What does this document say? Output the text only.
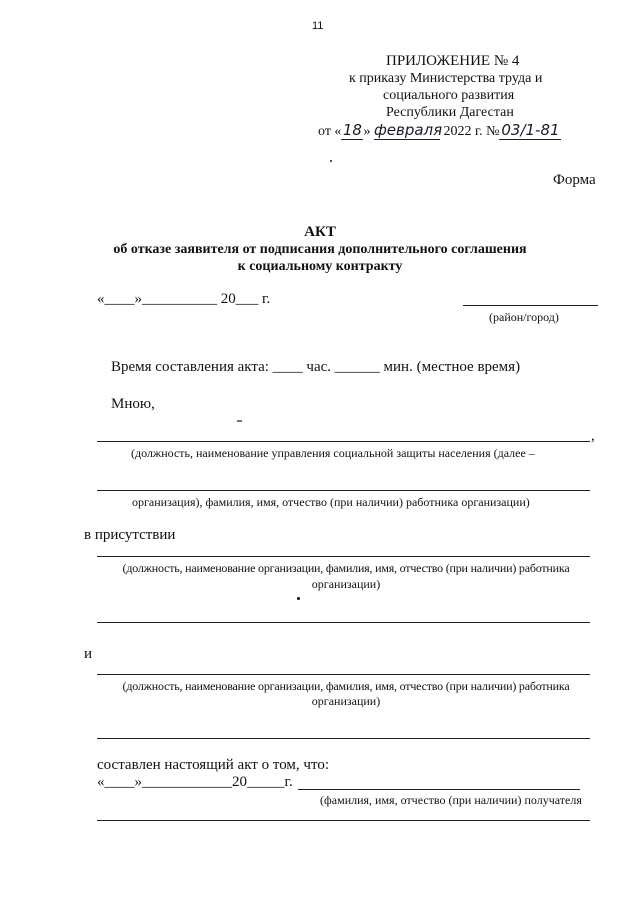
11
ПРИЛОЖЕНИЕ № 4
к приказу Министерства труда и
социального развития
Республики Дагестан
от «18» февраля 2022 г. № 03/1-81
Форма
АКТ
об отказе заявителя от подписания дополнительного соглашения
к социальному контракту
«____»__________ 20___ г.
(район/город)
Время составления акта: ____ час. ______ мин. (местное время)
Мною,
,
(должность, наименование управления социальной защиты населения (далее –
организация), фамилия, имя, отчество (при наличии) работника организации)
в присутствии
(должность, наименование организации, фамилия, имя, отчество (при наличии) работника
организации)
и
(должность, наименование организации, фамилия, имя, отчество (при наличии) работника
организации)
составлен настоящий акт о том, что:
«____»____________20_____г.
(фамилия, имя, отчество (при наличии) получателя
